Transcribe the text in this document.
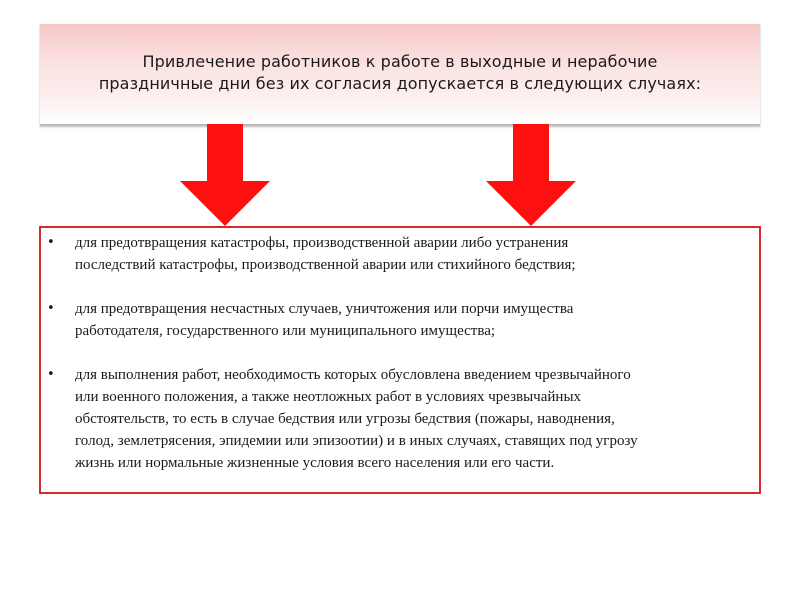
Привлечение работников к работе в выходные и нерабочие
праздничные дни без их согласия допускается в следующих случаях:
• для предотвращения катастрофы, производственной аварии либо устранения
последствий катастрофы, производственной аварии или стихийного бедствия;
• для предотвращения несчастных случаев, уничтожения или порчи имущества
работодателя, государственного или муниципального имущества;
• для выполнения работ, необходимость которых обусловлена введением чрезвычайного
или военного положения, а также неотложных работ в условиях чрезвычайных
обстоятельств, то есть в случае бедствия или угрозы бедствия (пожары, наводнения,
голод, землетрясения, эпидемии или эпизоотии) и в иных случаях, ставящих под угрозу
жизнь или нормальные жизненные условия всего населения или его части.
